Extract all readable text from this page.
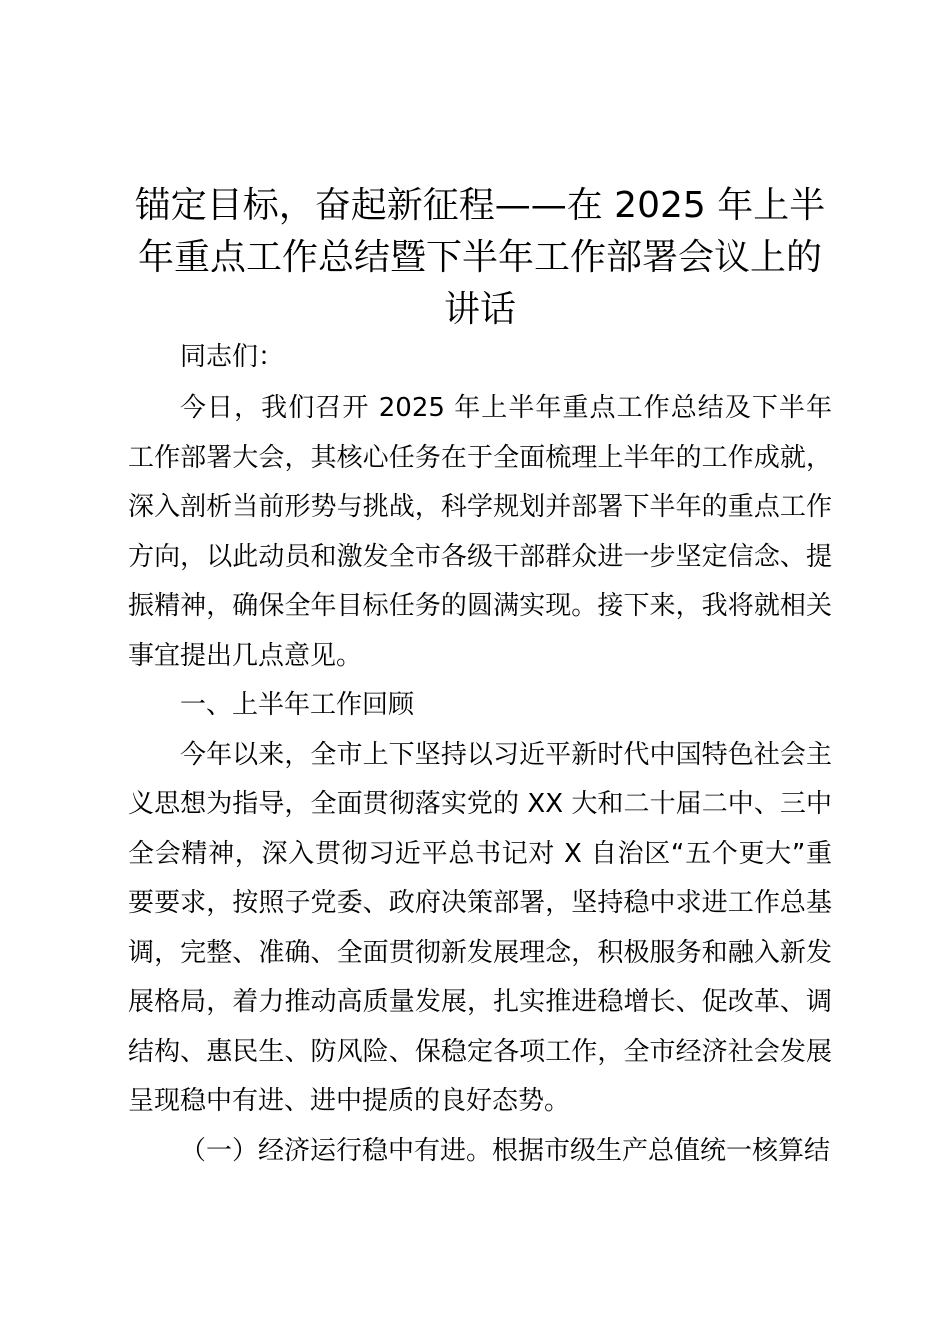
锚定目标，奋起新征程——在 2025 年上半年重点工作总结暨下半年工作部署会议上的讲话

同志们：

今日，我们召开 2025 年上半年重点工作总结及下半年工作部署大会，其核心任务在于全面梳理上半年的工作成就，深入剖析当前形势与挑战，科学规划并部署下半年的重点工作方向，以此动员和激发全市各级干部群众进一步坚定信念、提振精神，确保全年目标任务的圆满实现。接下来，我将就相关事宜提出几点意见。

一、上半年工作回顾

今年以来，全市上下坚持以习近平新时代中国特色社会主义思想为指导，全面贯彻落实党的 XX 大和二十届二中、三中全会精神，深入贯彻习近平总书记对 X 自治区“五个更大”重要要求，按照子党委、政府决策部署，坚持稳中求进工作总基调，完整、准确、全面贯彻新发展理念，积极服务和融入新发展格局，着力推动高质量发展，扎实推进稳增长、促改革、调结构、惠民生、防风险、保稳定各项工作，全市经济社会发展呈现稳中有进、进中提质的良好态势。

（一）经济运行稳中有进。根据市级生产总值统一核算结
